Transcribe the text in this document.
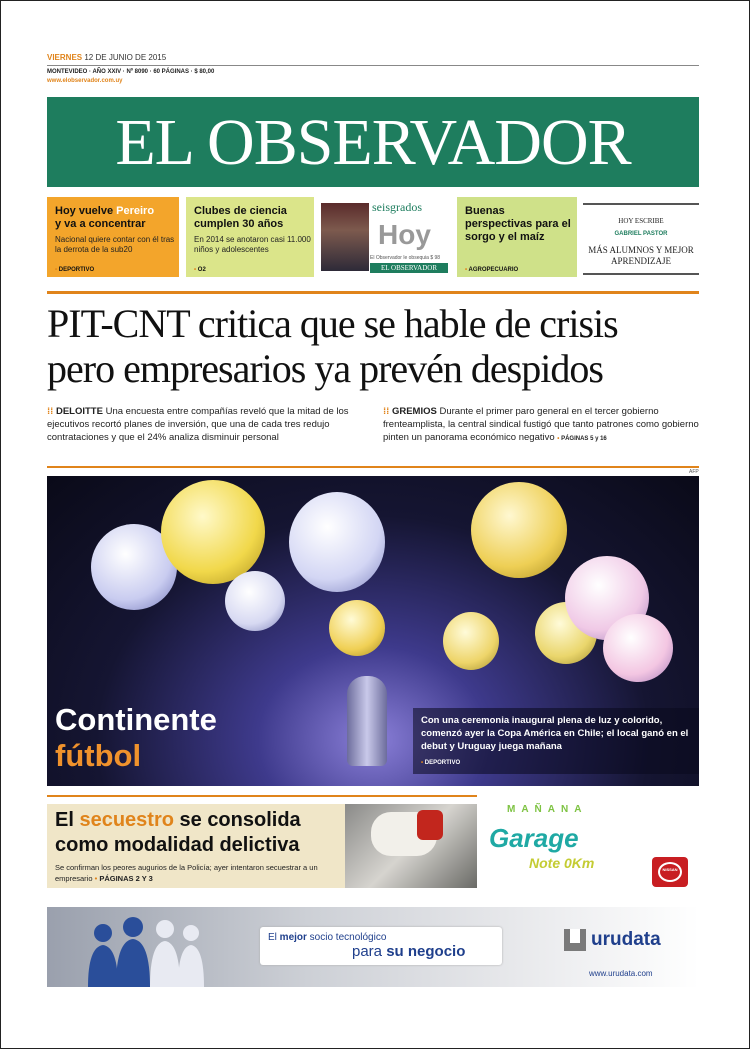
VIERNES 12 DE JUNIO DE 2015
MONTEVIDEO · AÑO XXIV · Nº 8090 · 60 PÁGINAS · $ 80,00
www.elobservador.com.uy
EL OBSERVADOR
Hoy vuelve Pereiro
y va a concentrar
Nacional quiere contar con él tras la derrota de la sub20
• DEPORTIVO
Clubes de ciencia cumplen 30 años
En 2014 se anotaron casi 11.000 niños y adolescentes
• O2
seisgrados
Hoy
El Observador le obsequia $ 98
EL OBSERVADOR
Buenas perspectivas para el sorgo y el maíz
• AGROPECUARIO
HOY ESCRIBE
GABRIEL PASTOR
MÁS ALUMNOS Y MEJOR APRENDIZAJE
PIT-CNT critica que se hable de crisis
pero empresarios ya prevén despidos
⁞⁞ DELOITTE Una encuesta entre compañías reveló que la mitad de los ejecutivos recortó planes de inversión, que una de cada tres redujo contrataciones y que el 24% analiza disminuir personal
⁞⁞ GREMIOS Durante el primer paro general en el tercer gobierno frenteamplista, la central sindical fustigó que tanto patrones como gobierno pinten un panorama económico negativo • PÁGINAS 5 y 16
AFP
Continente
fútbol
Con una ceremonia inaugural plena de luz y colorido, comenzó ayer la Copa América en Chile; el local ganó en el debut y Uruguay juega mañana
• DEPORTIVO
El secuestro se consolida
como modalidad delictiva
Se confirman los peores augurios de la Policía; ayer intentaron secuestrar a un empresario • PÁGINAS 2 Y 3
MAÑANA
Garage
Note 0Km	NISSAN
El mejor socio tecnológico
para su negocio
urudata
www.urudata.com
